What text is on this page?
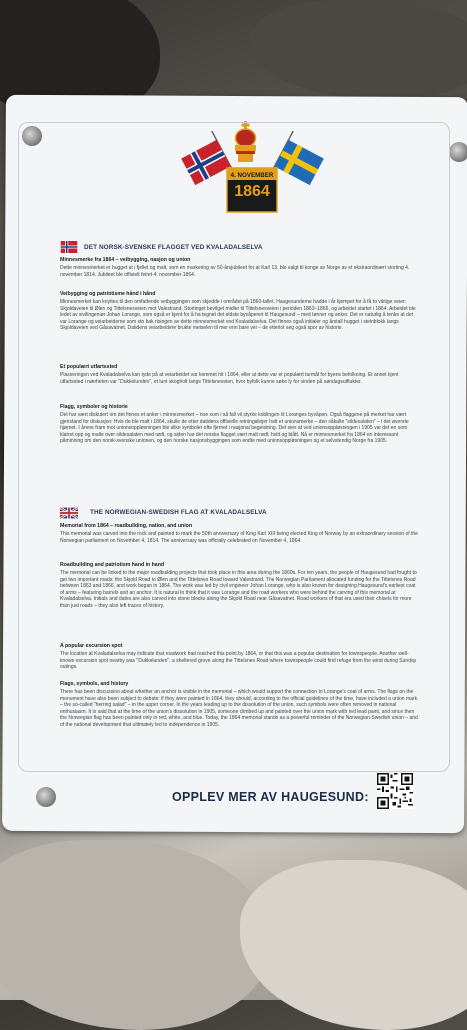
4. NOVEMBER
1864
DET NORSK-SVENSKE FLAGGET VED KVALADALSELVA
Minnesmerke fra 1864 – veibygging, nasjon og union

Dette minnesmerket er hugget ut i fjellet og malt, som en markering av 50-årsjubileet for at Karl 13. ble valgt til konge av Norge av et ekstraordinært storting 4. november 1814. Jubileet ble offisielt feiret 4. november 1864.

Veibygging og patriotisme hånd i hånd

Minnesmerket kan knyttes til den omfattende veibyggingen som skjedde i området på 1860-tallet. Haugesunderne hadde i år kjempet for å få to viktige veier: Skjoldaveien til Ølen og Tittelsnesveien mot Valestrand. Stortinget bevilget midler til Tittelsnesveien i perioden 1863–1866, og arbeidet startet i 1864. Arbeidet ble ledet av sivilingeniør Johan Lorange, som også er kjent for å ha tegnet det eldste byvåpenet til Haugesund – med tønner og anker. Det er naturlig å tenke at det var Lorange og veiarbeiderne som sto bak risingen av dette minnesmerket ved Kvaladalselva. Det finnes også initialer og årstall hugget i steinblokk langs Skjoldaveien ved Gåsavatnet. Datidens veiarbeidere brukte meiselen til mer enn bare vei – de etterlot seg også spor av historie.

Et populært utfartssted

Plasseringen ved Kvaladalselva kan tyde på at veiarbeidet var kommet hit i 1864, eller at dette var et populært turmål for byens befolkning. Et annet kjent utfartssted i nærheten var "Dukkelunden", et lunt skogholt langs Tittelsneveien, hvor byfolk kunne søke ly for vinden på søndagsutflukter.

Flagg, symboler og historie

Det har vært diskutert om det finnes et anker i minnesmerket – noe som i så fall vil styrke koblingen til Loranges byvåpen. Også flaggene på merket har vært gjenstand for diskusjon: Hvis de ble malt i 1864, skulle de etter datidens offisielle retningslinjer hatt et unionsmerke – den såkalte "sildesalaten" – i det øverste hjørnet. I årene fram mot unionsoppløsningen ble slike symboler ofte fjernet i nasjonal begeistring. Det sies at ved unionsoppløsningen i 1905 var det en som klatret opp og malte over sildesalaten med rødt, og siden har det norske flagget vært malt rødt, hvitt og blått. Nå er minnesmerket fra 1864 en interessant påminning om den norsk-svenske unionen, og den norske nasjonsbyggingen som endte med unionsoppløsningen og et selvstendig Norge fra 1905.

THE NORWEGIAN-SWEDISH FLAG AT KVALADALSELVA
Memorial from 1864 – roadbuilding, nation, and union

This memorial was carved into the rock and painted to mark the 50th anniversary of King Karl XIII being elected King of Norway by an extraordinary session of the Norwegian parliament on November 4, 1814. The anniversary was officially celebrated on November 4, 1864.

Roadbuilding and patriotism hand in hand

The memorial can be linked to the major roadbuilding projects that took place in this area during the 1860s. For ten years, the people of Haugesund had fought to get two important roads: the Skjold Road to Ølen and the Tittelsnes Road toward Valestrand. The Norwegian Parliament allocated funding for the Tittelsnes Road between 1863 and 1866, and work began in 1864. The work was led by civil engineer Johan Lorange, who is also known for designing Haugesund's earliest coat of arms – featuring barrels and an anchor. It is natural to think that it was Lorange and the road workers who were behind the carving of this memorial at Kvaladalselva. Initials and dates are also carved into stone blocks along the Skjold Road near Gåsavatnet. Road workers of that era used their chisels for more than just roads – they also left traces of history.

A popular excursion spot

The location at Kvaladalselva may indicate that roadwork had reached this point by 1864, or that this was a popular destination for townspeople. Another well-known excursion spot nearby was "Dukkelunden", a sheltered grove along the Tittelsnes Road where townspeople could find refuge from the wind during Sunday outings.

Flags, symbols, and history

There has been discussion about whether an anchor is visible in the memorial – which would support the connection to Lorange's coat of arms. The flags on the monument have also been subject to debate: if they were painted in 1864, they should, according to the official guidelines of the time, have included a union mark – the so-called "herring salad" – in the upper corner. In the years leading up to the dissolution of the union, such symbols were often removed in national enthusiasm. It is said that at the time of the union's dissolution in 1905, someone climbed up and painted over the union mark with red lead paint, and since then the Norwegian flag has been painted only in red, white, and blue. Today, the 1864 memorial stands as a powerful reminder of the Norwegian-Swedish union – and of the national development that ultimately led to independence in 1905.

OPPLEV MER AV HAUGESUND:
